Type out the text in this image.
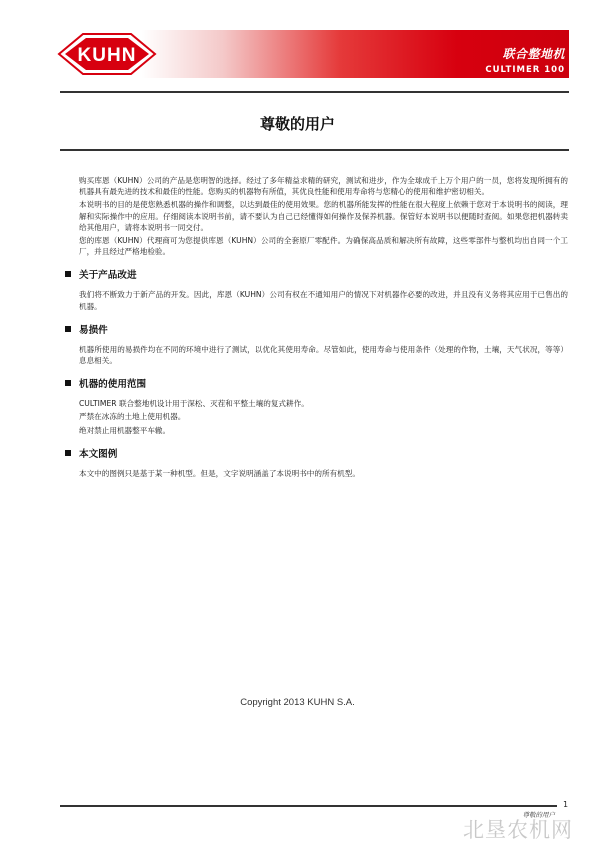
KUHN	联合整地机
CULTIMER 100
尊敬的用户

购买库恩（KUHN）公司的产品是您明智的选择。经过了多年精益求精的研究，测试和进步，作为全球成千上万个用户的一员，您将发现所拥有的机器具有最先进的技术和最佳的性能。您购买的机器物有所值，其优良性能和使用寿命将与您精心的使用和维护密切相关。

本说明书的目的是使您熟悉机器的操作和调整，以达到最佳的使用效果。您的机器所能发挥的性能在很大程度上依赖于您对于本说明书的阅读，理解和实际操作中的应用。仔细阅读本说明书前，请不要认为自己已经懂得如何操作及保养机器。保管好本说明书以便随时查阅。如果您把机器转卖给其他用户，请将本说明书一同交付。

您的库恩（KUHN）代理商可为您提供库恩（KUHN）公司的全套原厂零配件。为确保高品质和解决所有故障，这些零部件与整机均出自同一个工厂，并且经过严格地检验。

关于产品改进

我们将不断致力于新产品的开发。因此，库恩（KUHN）公司有权在不通知用户的情况下对机器作必要的改进，并且没有义务将其应用于已售出的机器。

易损件

机器所使用的易损件均在不同的环境中进行了测试，以优化其使用寿命。尽管如此，使用寿命与使用条件（处理的作物，土壤，天气状况，等等）息息相关。

机器的使用范围

CULTIMER 联合整地机设计用于深松、灭茬和平整土壤的复式耕作。

严禁在冰冻的土地上使用机器。

绝对禁止用机器整平车辙。

本文图例

本文中的图例只是基于某一种机型。但是，文字说明涵盖了本说明书中的所有机型。

Copyright 2013 KUHN S.A.
1
尊敬的用户
北垦农机网
